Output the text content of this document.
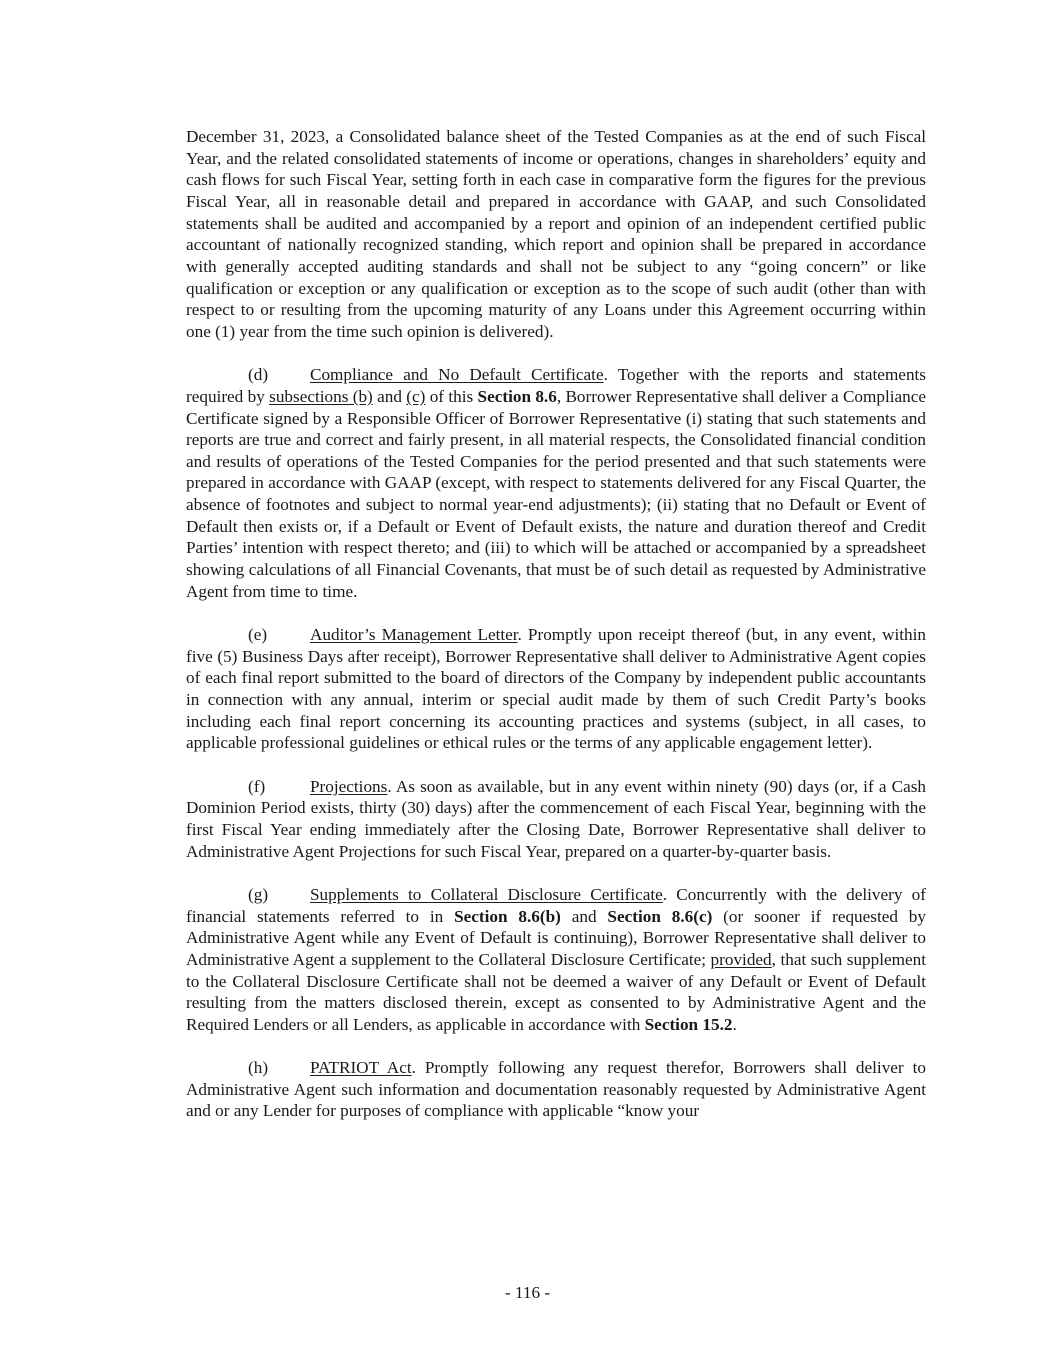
December 31, 2023, a Consolidated balance sheet of the Tested Companies as at the end of such Fiscal Year, and the related consolidated statements of income or operations, changes in shareholders’ equity and cash flows for such Fiscal Year, setting forth in each case in comparative form the figures for the previous Fiscal Year, all in reasonable detail and prepared in accordance with GAAP, and such Consolidated statements shall be audited and accompanied by a report and opinion of an independent certified public accountant of nationally recognized standing, which report and opinion shall be prepared in accordance with generally accepted auditing standards and shall not be subject to any “going concern” or like qualification or exception or any qualification or exception as to the scope of such audit (other than with respect to or resulting from the upcoming maturity of any Loans under this Agreement occurring within one (1) year from the time such opinion is delivered).

(d) Compliance and No Default Certificate. Together with the reports and statements required by subsections (b) and (c) of this Section 8.6, Borrower Representative shall deliver a Compliance Certificate signed by a Responsible Officer of Borrower Representative (i) stating that such statements and reports are true and correct and fairly present, in all material respects, the Consolidated financial condition and results of operations of the Tested Companies for the period presented and that such statements were prepared in accordance with GAAP (except, with respect to statements delivered for any Fiscal Quarter, the absence of footnotes and subject to normal year-end adjustments); (ii) stating that no Default or Event of Default then exists or, if a Default or Event of Default exists, the nature and duration thereof and Credit Parties’ intention with respect thereto; and (iii) to which will be attached or accompanied by a spreadsheet showing calculations of all Financial Covenants, that must be of such detail as requested by Administrative Agent from time to time.

(e) Auditor’s Management Letter. Promptly upon receipt thereof (but, in any event, within five (5) Business Days after receipt), Borrower Representative shall deliver to Administrative Agent copies of each final report submitted to the board of directors of the Company by independent public accountants in connection with any annual, interim or special audit made by them of such Credit Party’s books including each final report concerning its accounting practices and systems (subject, in all cases, to applicable professional guidelines or ethical rules or the terms of any applicable engagement letter).

(f)	Projections. As soon as available, but in any event within ninety (90) days (or, if a Cash Dominion Period exists, thirty (30) days) after the commencement of each Fiscal Year, beginning with the first Fiscal Year ending immediately after the Closing Date, Borrower Representative shall deliver to Administrative Agent Projections for such Fiscal Year, prepared on a quarter-by-quarter basis.

(g) Supplements to Collateral Disclosure Certificate. Concurrently with the delivery of financial statements referred to in Section 8.6(b) and Section 8.6(c) (or sooner if requested by Administrative Agent while any Event of Default is continuing), Borrower Representative shall deliver to Administrative Agent a supplement to the Collateral Disclosure Certificate; provided, that such supplement to the Collateral Disclosure Certificate shall not be deemed a waiver of any Default or Event of Default resulting from the matters disclosed therein, except as consented to by Administrative Agent and the Required Lenders or all Lenders, as applicable in accordance with Section 15.2.

(h) PATRIOT Act. Promptly following any request therefor, Borrowers shall deliver to Administrative Agent such information and documentation reasonably requested by Administrative Agent and or any Lender for purposes of compliance with applicable “know your

- 116 -
